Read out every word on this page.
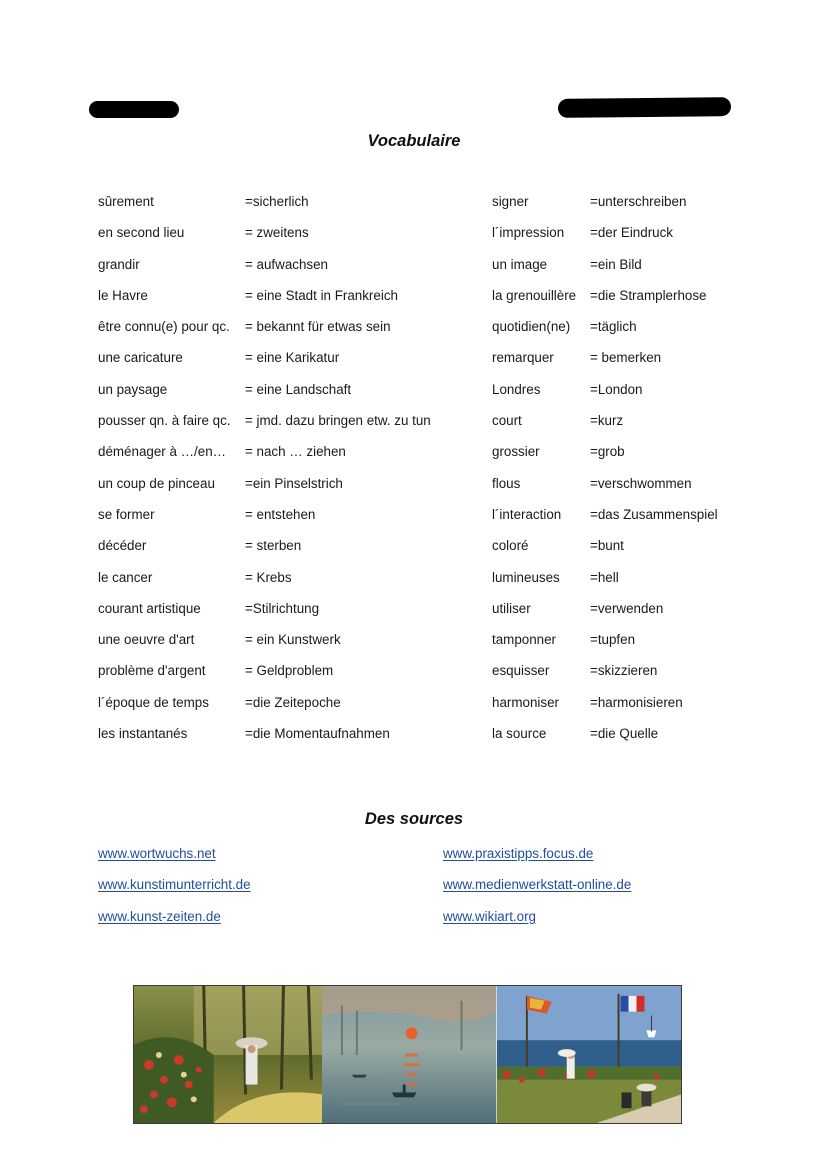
Vocabulaire
sûrement	=sicherlich
en second lieu	= zweitens
grandir	= aufwachsen
le Havre	= eine Stadt in Frankreich
être connu(e) pour qc. = bekannt für etwas sein
une caricature	= eine Karikatur
un paysage	= eine Landschaft
pousser qn. à faire qc. = jmd. dazu bringen etw. zu tun
déménager à …/en… = nach … ziehen
un coup de pinceau =ein Pinselstrich
se former	= entstehen
décéder	= sterben
le cancer	= Krebs
courant artistique	=Stilrichtung
une oeuvre d'art	= ein Kunstwerk
problème d'argent	= Geldproblem
l´époque de temps	=die Zeitepoche
les instantanés	=die Momentaufnahmen
signer	=unterschreiben
l´impression =der Eindruck
un image	=ein Bild
la grenouillère =die Stramplerhose
quotidien(ne) =täglich
remarquer	= bemerken
Londres	=London
court	=kurz
grossier	=grob
flous	=verschwommen
l´interaction =das Zusammenspiel
coloré	=bunt
lumineuses =hell
utiliser	=verwenden
tamponner	=tupfen
esquisser	=skizzieren
harmoniser =harmonisieren
la source	=die Quelle
Des sources
www.wortwuchs.net
www.kunstimunterricht.de
www.kunst-zeiten.de
www.praxistipps.focus.de
www.medienwerkstatt-online.de
www.wikiart.org
